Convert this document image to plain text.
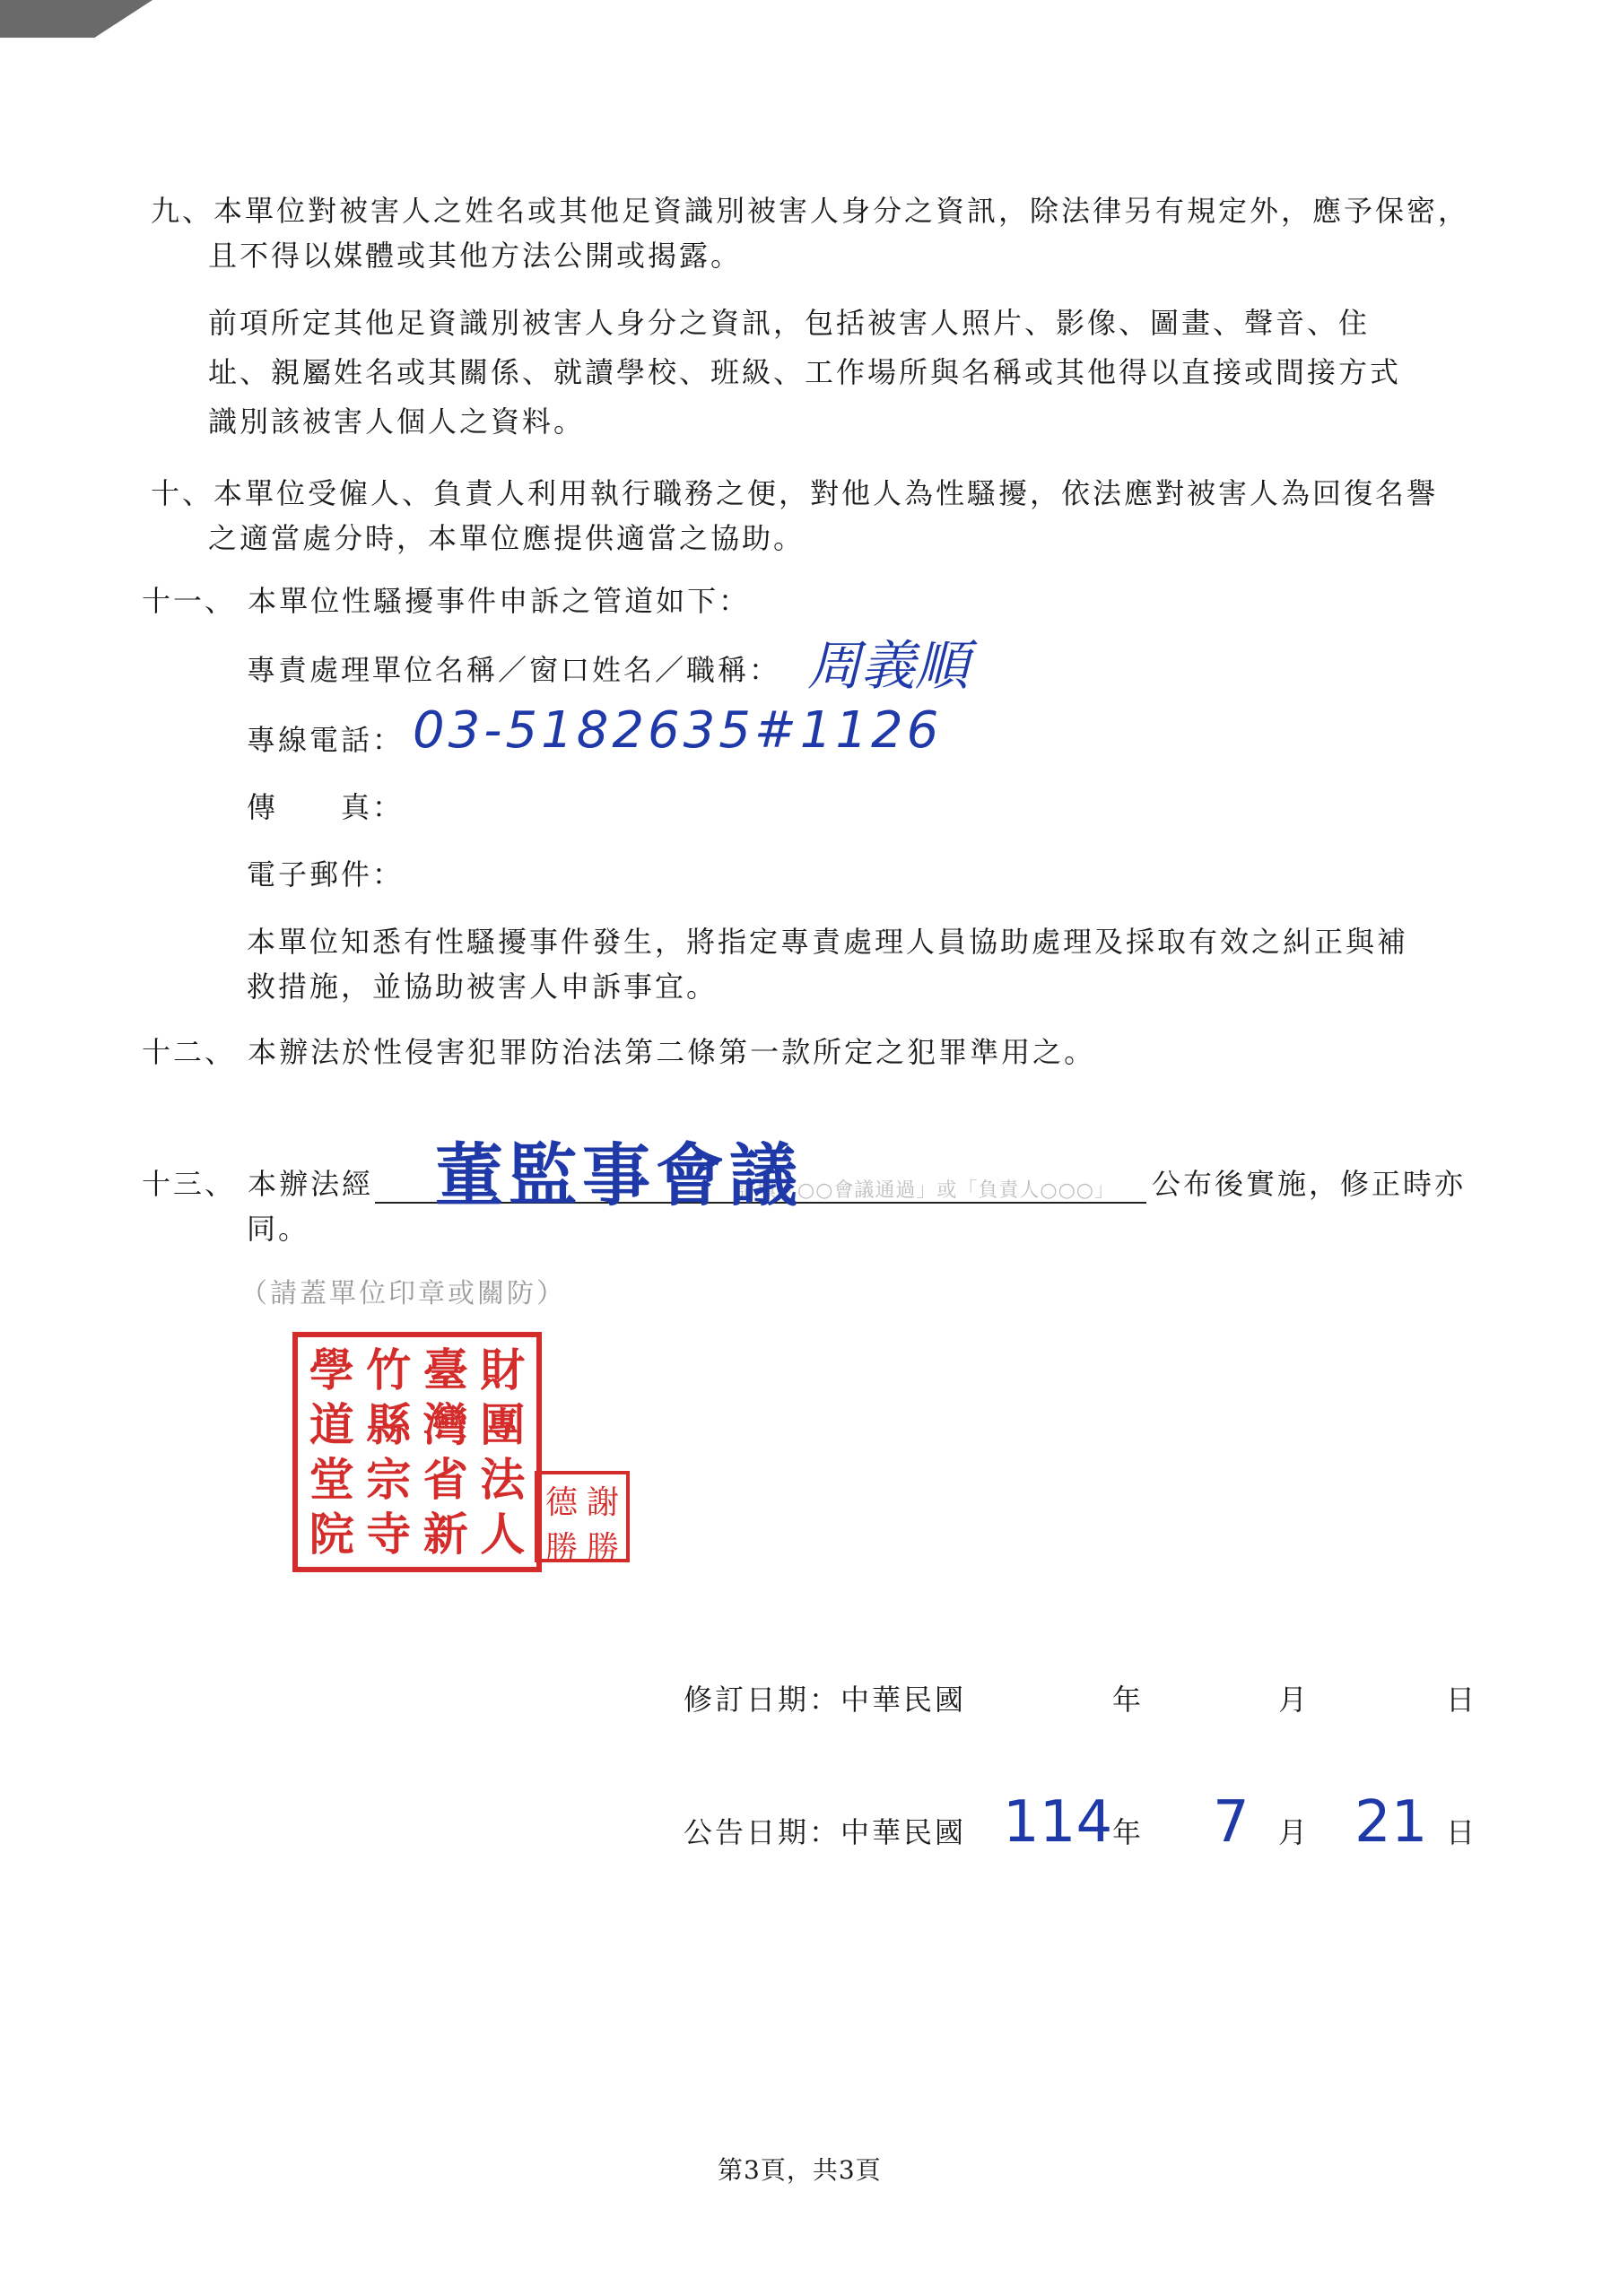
九、本單位對被害人之姓名或其他足資識別被害人身分之資訊，除法律另有規定外，應予保密，
且不得以媒體或其他方法公開或揭露。
前項所定其他足資識別被害人身分之資訊，包括被害人照片、影像、圖畫、聲音、住
址、親屬姓名或其關係、就讀學校、班級、工作場所與名稱或其他得以直接或間接方式
識別該被害人個人之資料。
十、本單位受僱人、負責人利用執行職務之便，對他人為性騷擾，依法應對被害人為回復名譽
之適當處分時，本單位應提供適當之協助。
十一、 本單位性騷擾事件申訴之管道如下：
專責處理單位名稱／窗口姓名／職稱： 周義順
專線電話： 03-5182635#1126
傳　　真：
電子郵件：
本單位知悉有性騷擾事件發生，將指定專責處理人員協助處理及採取有效之糾正與補
救措施，並協助被害人申訴事宜。
十二、 本辦法於性侵害犯罪防治法第二條第一款所定之犯罪準用之。
十三、 本辦法經	請填「○○會議通過」或「負責人○○○」
董監事會議	公布後實施，修正時亦
同。
（請蓋單位印章或關防）
財
團
法
人
臺
灣
省
新
竹
縣
宗
寺
學
道
堂
院
謝
勝
德
勝
修訂日期：中華民國	年	月	日
公告日期：中華民國 114 年 7 月 21 日
第3頁，共3頁
